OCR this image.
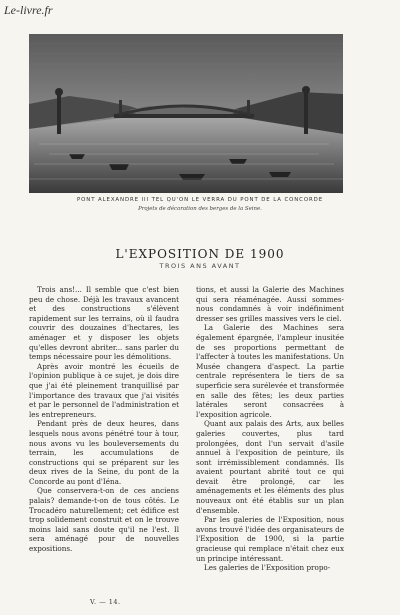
Le-livre.fr
PONT ALEXANDRE III TEL QU'ON LE VERRA DU PONT DE LA CONCORDE
Projets de décoration des berges de la Seine.
L'EXPOSITION DE 1900
TROIS ANS AVANT

Trois ans!... Il semble que c'est bien peu de chose. Déjà les travaux avancent et des constructions s'élèvent rapidement sur les terrains, où il faudra couvrir des douzaines d'hectares, les aménager et y disposer les objets qu'elles devront abriter... sans parler du temps nécessaire pour les démolitions.

Après avoir montré les écueils de l'opinion publique à ce sujet, je dois dire que j'ai été pleinement tranquillisé par l'importance des travaux que j'ai visités et par le personnel de l'administration et les entrepreneurs.

Pendant près de deux heures, dans lesquels nous avons pénétré tour à tour, nous avons vu les bouleversements du terrain, les accumulations de constructions qui se préparent sur les deux rives de la Seine, du pont de la Concorde au pont d'Iéna.

Que conservera-t-on de ces anciens palais? demande-t-on de tous côtés. Le Trocadéro naturellement; cet édifice est trop solidement construit et on le trouve moins laid sans doute qu'il ne l'est. Il sera aménagé pour de nouvelles expositions.

tions, et aussi la Galerie des Machines qui sera réaménagée. Aussi sommes-nous condamnés à voir indéfiniment dresser ses grilles massives vers le ciel.

La Galerie des Machines sera également épargnée, l'ampleur inusitée de ses proportions permettant de l'affecter à toutes les manifestations. Un Musée changera d'aspect. La partie centrale représentera le tiers de sa superficie sera surélevée et transformée en salle des fêtes; les deux parties latérales seront consacrées à l'exposition agricole.

Quant aux palais des Arts, aux belles galeries couvertes, plus tard prolongées, dont l'un servait d'asile annuel à l'exposition de peinture, ils sont irrémissiblement condamnés. Ils avaient pourtant abrité tout ce qui devait être prolongé, car les aménagements et les éléments des plus nouveaux ont été établis sur un plan d'ensemble.

Par les galeries de l'Exposition, nous avons trouvé l'idée des organisateurs de l'Exposition de 1900, si la partie gracieuse qui remplace n'était chez eux un principe intéressant.

Les galeries de l'Exposition propo-

V. — 14.
